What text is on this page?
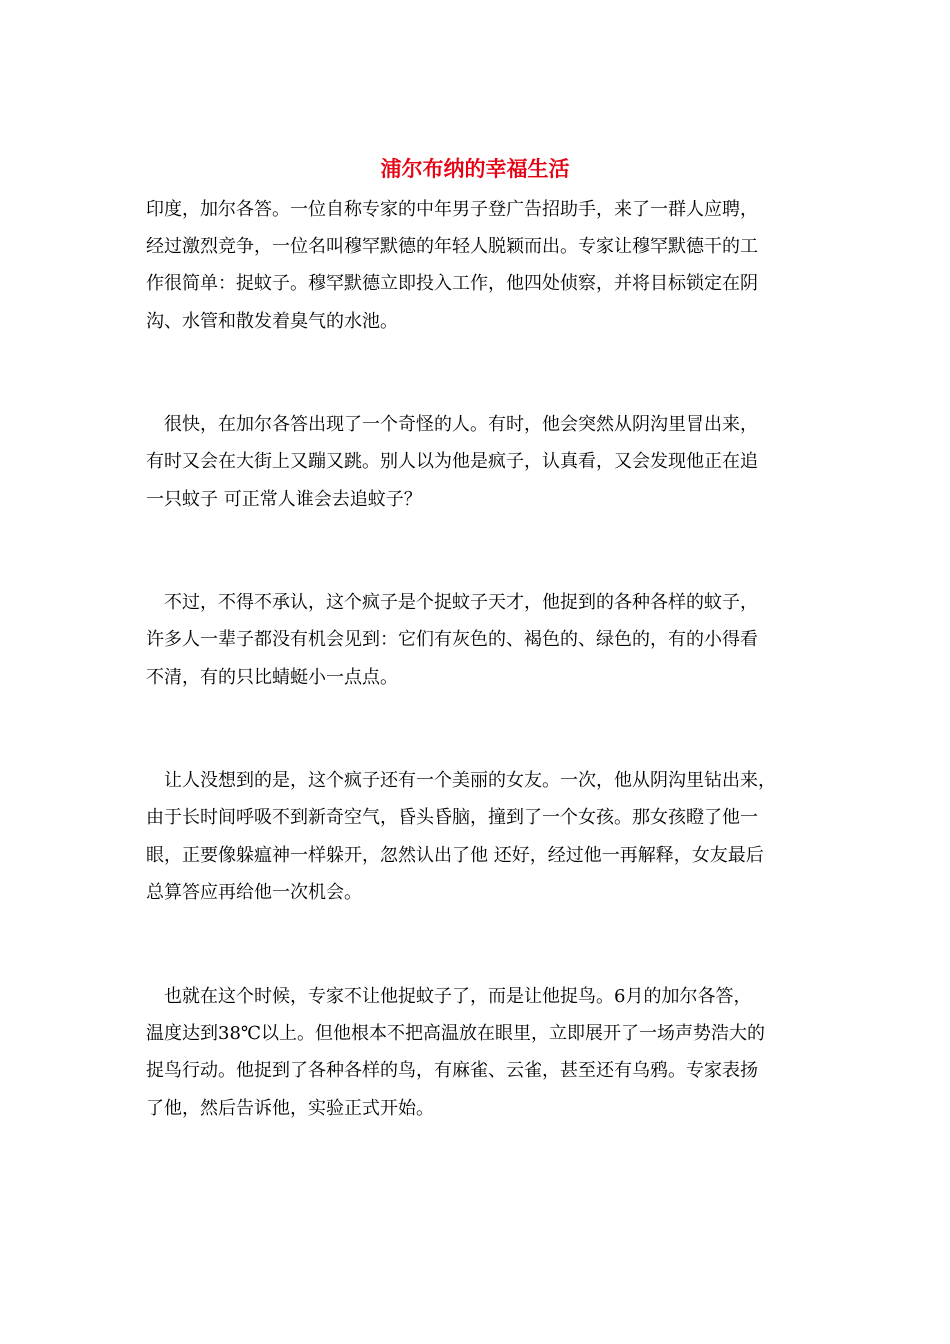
浦尔布纳的幸福生活
印度，加尔各答。一位自称专家的中年男子登广告招助手，来了一群人应聘，
经过激烈竞争，一位名叫穆罕默德的年轻人脱颖而出。专家让穆罕默德干的工
作很简单：捉蚊子。穆罕默德立即投入工作，他四处侦察，并将目标锁定在阴
沟、水管和散发着臭气的水池。
　很快，在加尔各答出现了一个奇怪的人。有时，他会突然从阴沟里冒出来，
有时又会在大街上又蹦又跳。别人以为他是疯子，认真看，又会发现他正在追
一只蚊子 可正常人谁会去追蚊子？
　不过，不得不承认，这个疯子是个捉蚊子天才，他捉到的各种各样的蚊子，
许多人一辈子都没有机会见到：它们有灰色的、褐色的、绿色的，有的小得看
不清，有的只比蜻蜓小一点点。
　让人没想到的是，这个疯子还有一个美丽的女友。一次，他从阴沟里钻出来，
由于长时间呼吸不到新奇空气，昏头昏脑，撞到了一个女孩。那女孩瞪了他一
眼，正要像躲瘟神一样躲开，忽然认出了他 还好，经过他一再解释，女友最后
总算答应再给他一次机会。
　也就在这个时候，专家不让他捉蚊子了，而是让他捉鸟。6月的加尔各答，
温度达到38℃以上。但他根本不把高温放在眼里，立即展开了一场声势浩大的
捉鸟行动。他捉到了各种各样的鸟，有麻雀、云雀，甚至还有乌鸦。专家表扬
了他，然后告诉他，实验正式开始。
